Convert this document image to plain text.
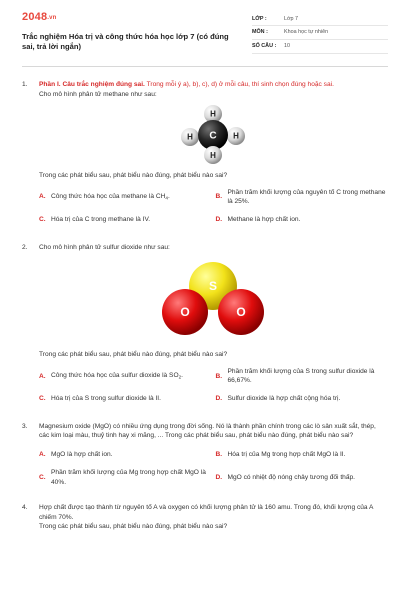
2048.vn
Trắc nghiệm Hóa trị và công thức hóa học lớp 7 (có đúng sai, trả lời ngắn)
LỚP :	Lớp 7
MÔN :	Khoa học tự nhiên
SỐ CÂU :	10
1. Phần I. Câu trắc nghiệm đúng sai. Trong mỗi ý a), b), c), d) ở mỗi câu, thí sinh chọn đúng hoặc sai.
Cho mô hình phân tử methane như sau:
H
H	H
C
H
Trong các phát biểu sau, phát biểu nào đúng, phát biểu nào sai?
A. Công thức hóa học của methane là $CH_4$.	B.
Phần trăm khối lượng của nguyên tố C trong methane là 25%.
C. Hóa trị của C trong methane là IV.	D. Methane là hợp chất ion.
2. Cho mô hình phân tử sulfur dioxide như sau:
S
O	O
Trong các phát biểu sau, phát biểu nào đúng, phát biểu nào sai?
A. Công thức hóa học của sulfur dioxide là $SO_2$.	B.
Phần trăm khối lượng của S trong sulfur dioxide là 66,67%.
C. Hóa trị của S trong sulfur dioxide là II.	D. Sulfur dioxide là hợp chất cộng hóa trị.
3. Magnesium oxide (MgO) có nhiều ứng dụng trong đời sống. Nó là thành phần chính trong các lò sản xuất sắt, thép, các kim loại màu, thuỷ tinh hay xi măng, ... Trong các phát biểu sau, phát biểu nào đúng, phát biểu nào sai?
A. MgO là hợp chất ion.	B. Hóa trị của Mg trong hợp chất MgO là II.
C.
Phần trăm khối lượng của Mg trong hợp chất MgO là 40%.
D. MgO có nhiệt độ nóng chảy tương đối thấp.
4. Hợp chất được tạo thành từ nguyên tố A và oxygen có khối lượng phân tử là 160 amu. Trong đó, khối lượng của A chiếm 70%.
Trong các phát biểu sau, phát biểu nào đúng, phát biểu nào sai?
